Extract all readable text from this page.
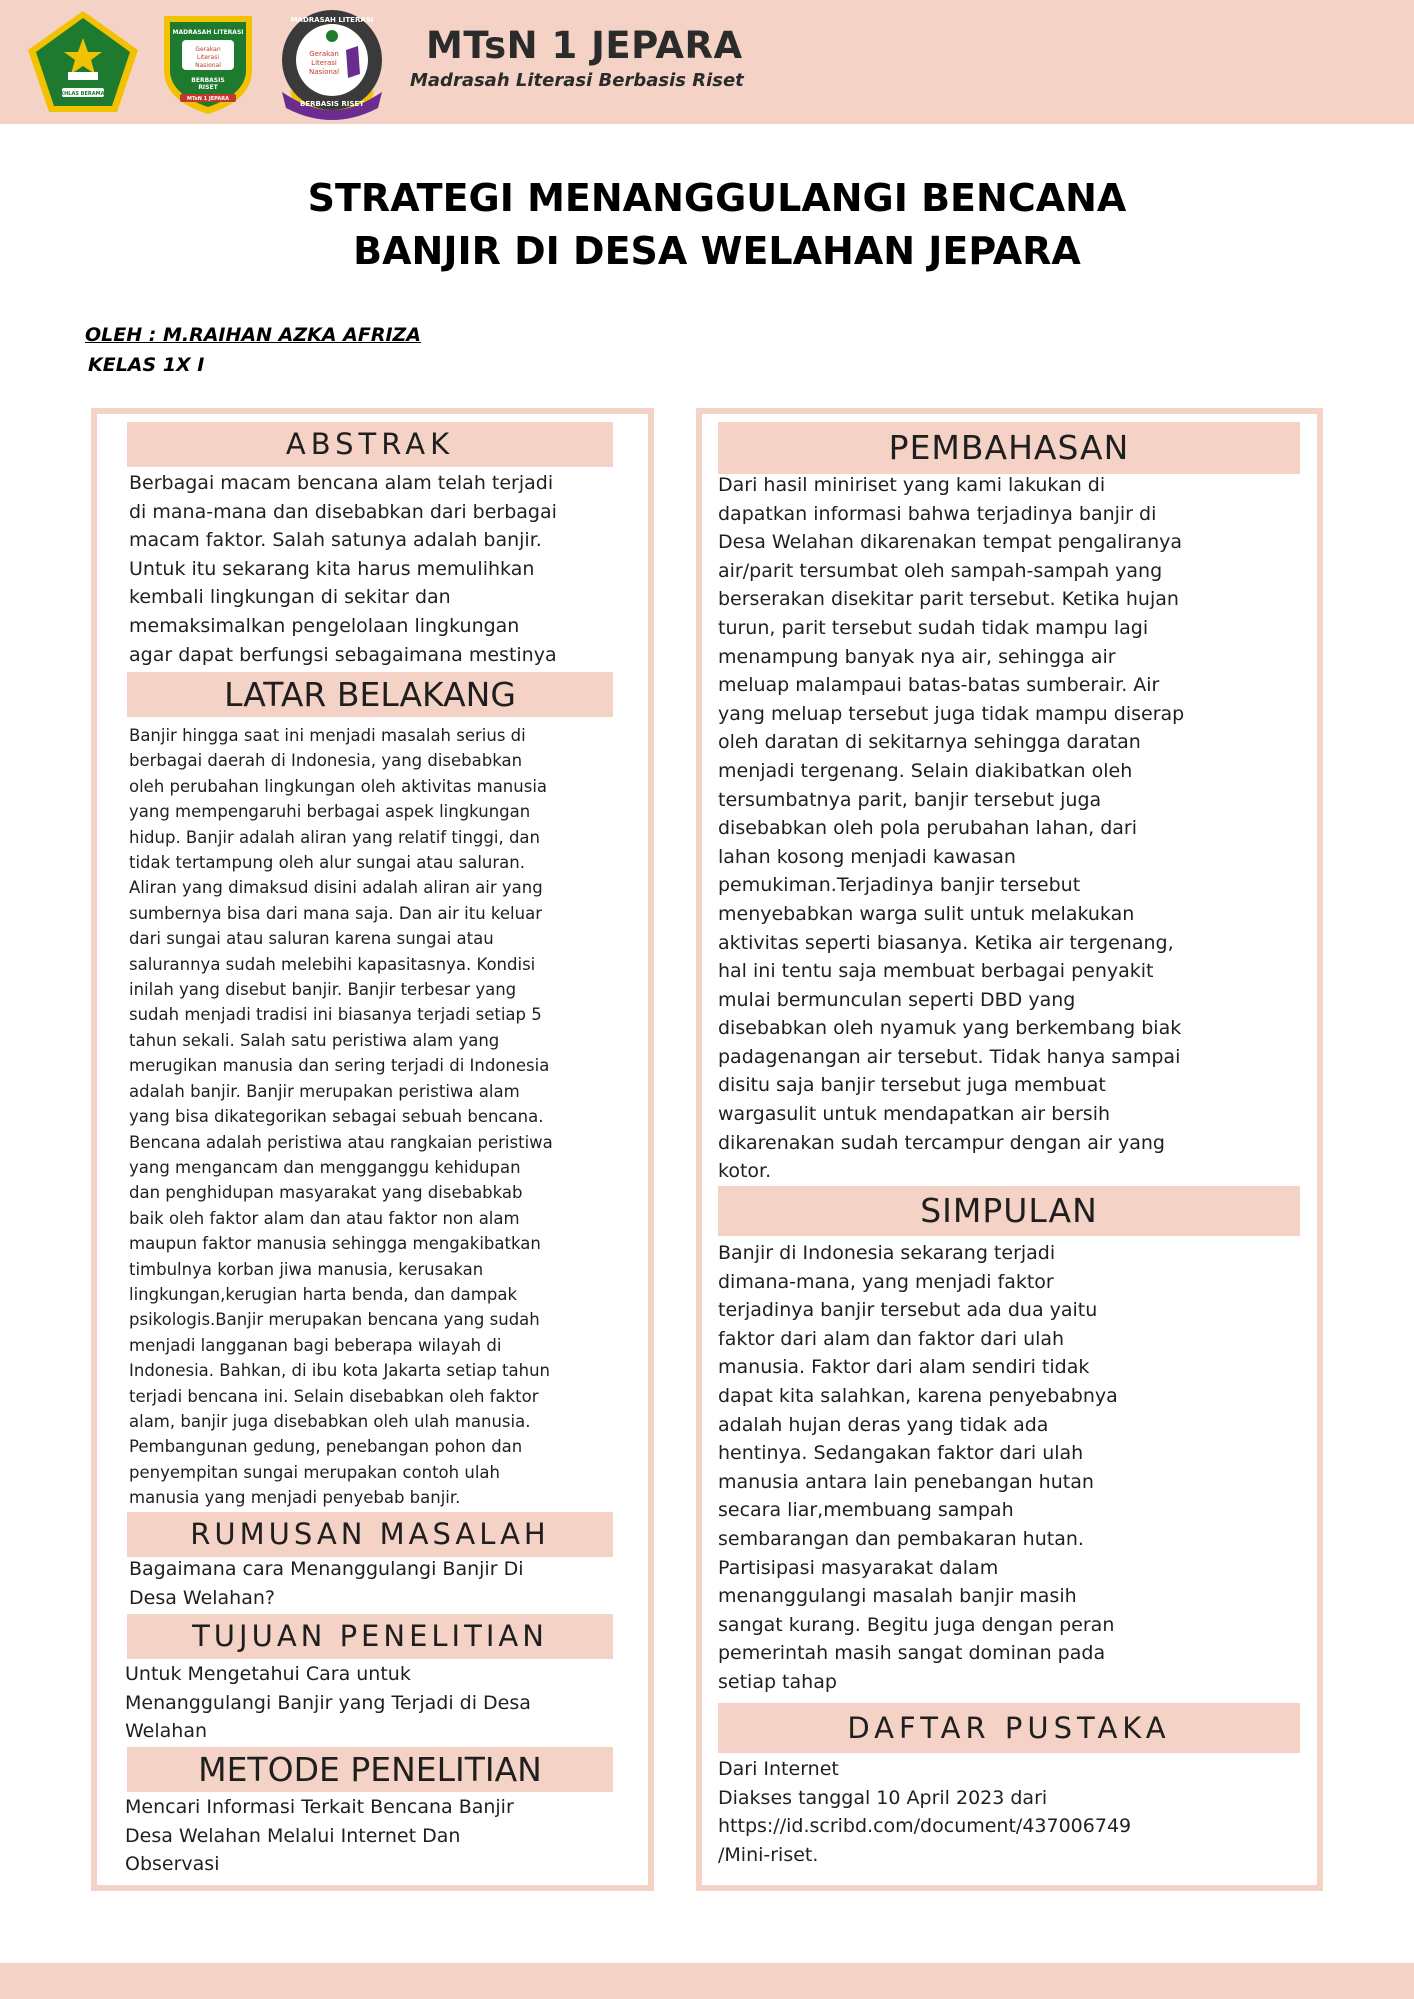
IKHLAS BERAMAL
MADRASAH LITERASI
Gerakan
Literasi
Nasional
BERBASIS
RISET
MTsN 1 JEPARA
MADRASAH LITERASI
BERBASIS RISET
Gerakan
Literasi
Nasional
MTsN 1 JEPARA
Madrasah Literasi Berbasis Riset
STRATEGI MENANGGULANGI BENCANA
BANJIR DI DESA WELAHAN JEPARA
OLEH : M.RAIHAN AZKA AFRIZA
KELAS 1X I
ABSTRAK
Berbagai macam bencana alam telah terjadi
di mana-mana dan disebabkan dari berbagai
macam faktor. Salah satunya adalah banjir.
Untuk itu sekarang kita harus memulihkan
kembali lingkungan di sekitar dan
memaksimalkan pengelolaan lingkungan
agar dapat berfungsi sebagaimana mestinya
LATAR BELAKANG
Banjir hingga saat ini menjadi masalah serius di
berbagai daerah di Indonesia, yang disebabkan
oleh perubahan lingkungan oleh aktivitas manusia
yang mempengaruhi berbagai aspek lingkungan
hidup. Banjir adalah aliran yang relatif tinggi, dan
tidak tertampung oleh alur sungai atau saluran.
Aliran yang dimaksud disini adalah aliran air yang
sumbernya bisa dari mana saja. Dan air itu keluar
dari sungai atau saluran karena sungai atau
salurannya sudah melebihi kapasitasnya. Kondisi
inilah yang disebut banjir. Banjir terbesar yang
sudah menjadi tradisi ini biasanya terjadi setiap 5
tahun sekali. Salah satu peristiwa alam yang
merugikan manusia dan sering terjadi di Indonesia
adalah banjir. Banjir merupakan peristiwa alam
yang bisa dikategorikan sebagai sebuah bencana.
Bencana adalah peristiwa atau rangkaian peristiwa
yang mengancam dan mengganggu kehidupan
dan penghidupan masyarakat yang disebabkab
baik oleh faktor alam dan atau faktor non alam
maupun faktor manusia sehingga mengakibatkan
timbulnya korban jiwa manusia, kerusakan
lingkungan,kerugian harta benda, dan dampak
psikologis.Banjir merupakan bencana yang sudah
menjadi langganan bagi beberapa wilayah di
Indonesia. Bahkan, di ibu kota Jakarta setiap tahun
terjadi bencana ini. Selain disebabkan oleh faktor
alam, banjir juga disebabkan oleh ulah manusia.
Pembangunan gedung, penebangan pohon dan
penyempitan sungai merupakan contoh ulah
manusia yang menjadi penyebab banjir.
RUMUSAN MASALAH
Bagaimana cara Menanggulangi Banjir Di
Desa Welahan?
TUJUAN PENELITIAN
Untuk Mengetahui Cara untuk
Menanggulangi Banjir yang Terjadi di Desa
Welahan
METODE PENELITIAN
Mencari Informasi Terkait Bencana Banjir
Desa Welahan Melalui Internet Dan
Observasi
PEMBAHASAN
Dari hasil miniriset yang kami lakukan di
dapatkan informasi bahwa terjadinya banjir di
Desa Welahan dikarenakan tempat pengaliranya
air/parit tersumbat oleh sampah-sampah yang
berserakan disekitar parit tersebut. Ketika hujan
turun, parit tersebut sudah tidak mampu lagi
menampung banyak nya air, sehingga air
meluap malampaui batas-batas sumberair. Air
yang meluap tersebut juga tidak mampu diserap
oleh daratan di sekitarnya sehingga daratan
menjadi tergenang. Selain diakibatkan oleh
tersumbatnya parit, banjir tersebut juga
disebabkan oleh pola perubahan lahan, dari
lahan kosong menjadi kawasan
pemukiman.Terjadinya banjir tersebut
menyebabkan warga sulit untuk melakukan
aktivitas seperti biasanya. Ketika air tergenang,
hal ini tentu saja membuat berbagai penyakit
mulai bermunculan seperti DBD yang
disebabkan oleh nyamuk yang berkembang biak
padagenangan air tersebut. Tidak hanya sampai
disitu saja banjir tersebut juga membuat
wargasulit untuk mendapatkan air bersih
dikarenakan sudah tercampur dengan air yang
kotor.
SIMPULAN
Banjir di Indonesia sekarang terjadi
dimana-mana, yang menjadi faktor
terjadinya banjir tersebut ada dua yaitu
faktor dari alam dan faktor dari ulah
manusia. Faktor dari alam sendiri tidak
dapat kita salahkan, karena penyebabnya
adalah hujan deras yang tidak ada
hentinya. Sedangakan faktor dari ulah
manusia antara lain penebangan hutan
secara liar,membuang sampah
sembarangan dan pembakaran hutan.
Partisipasi masyarakat dalam
menanggulangi masalah banjir masih
sangat kurang. Begitu juga dengan peran
pemerintah masih sangat dominan pada
setiap tahap
DAFTAR PUSTAKA
Dari Internet
Diakses tanggal 10 April 2023 dari
https://id.scribd.com/document/437006749
/Mini-riset.
